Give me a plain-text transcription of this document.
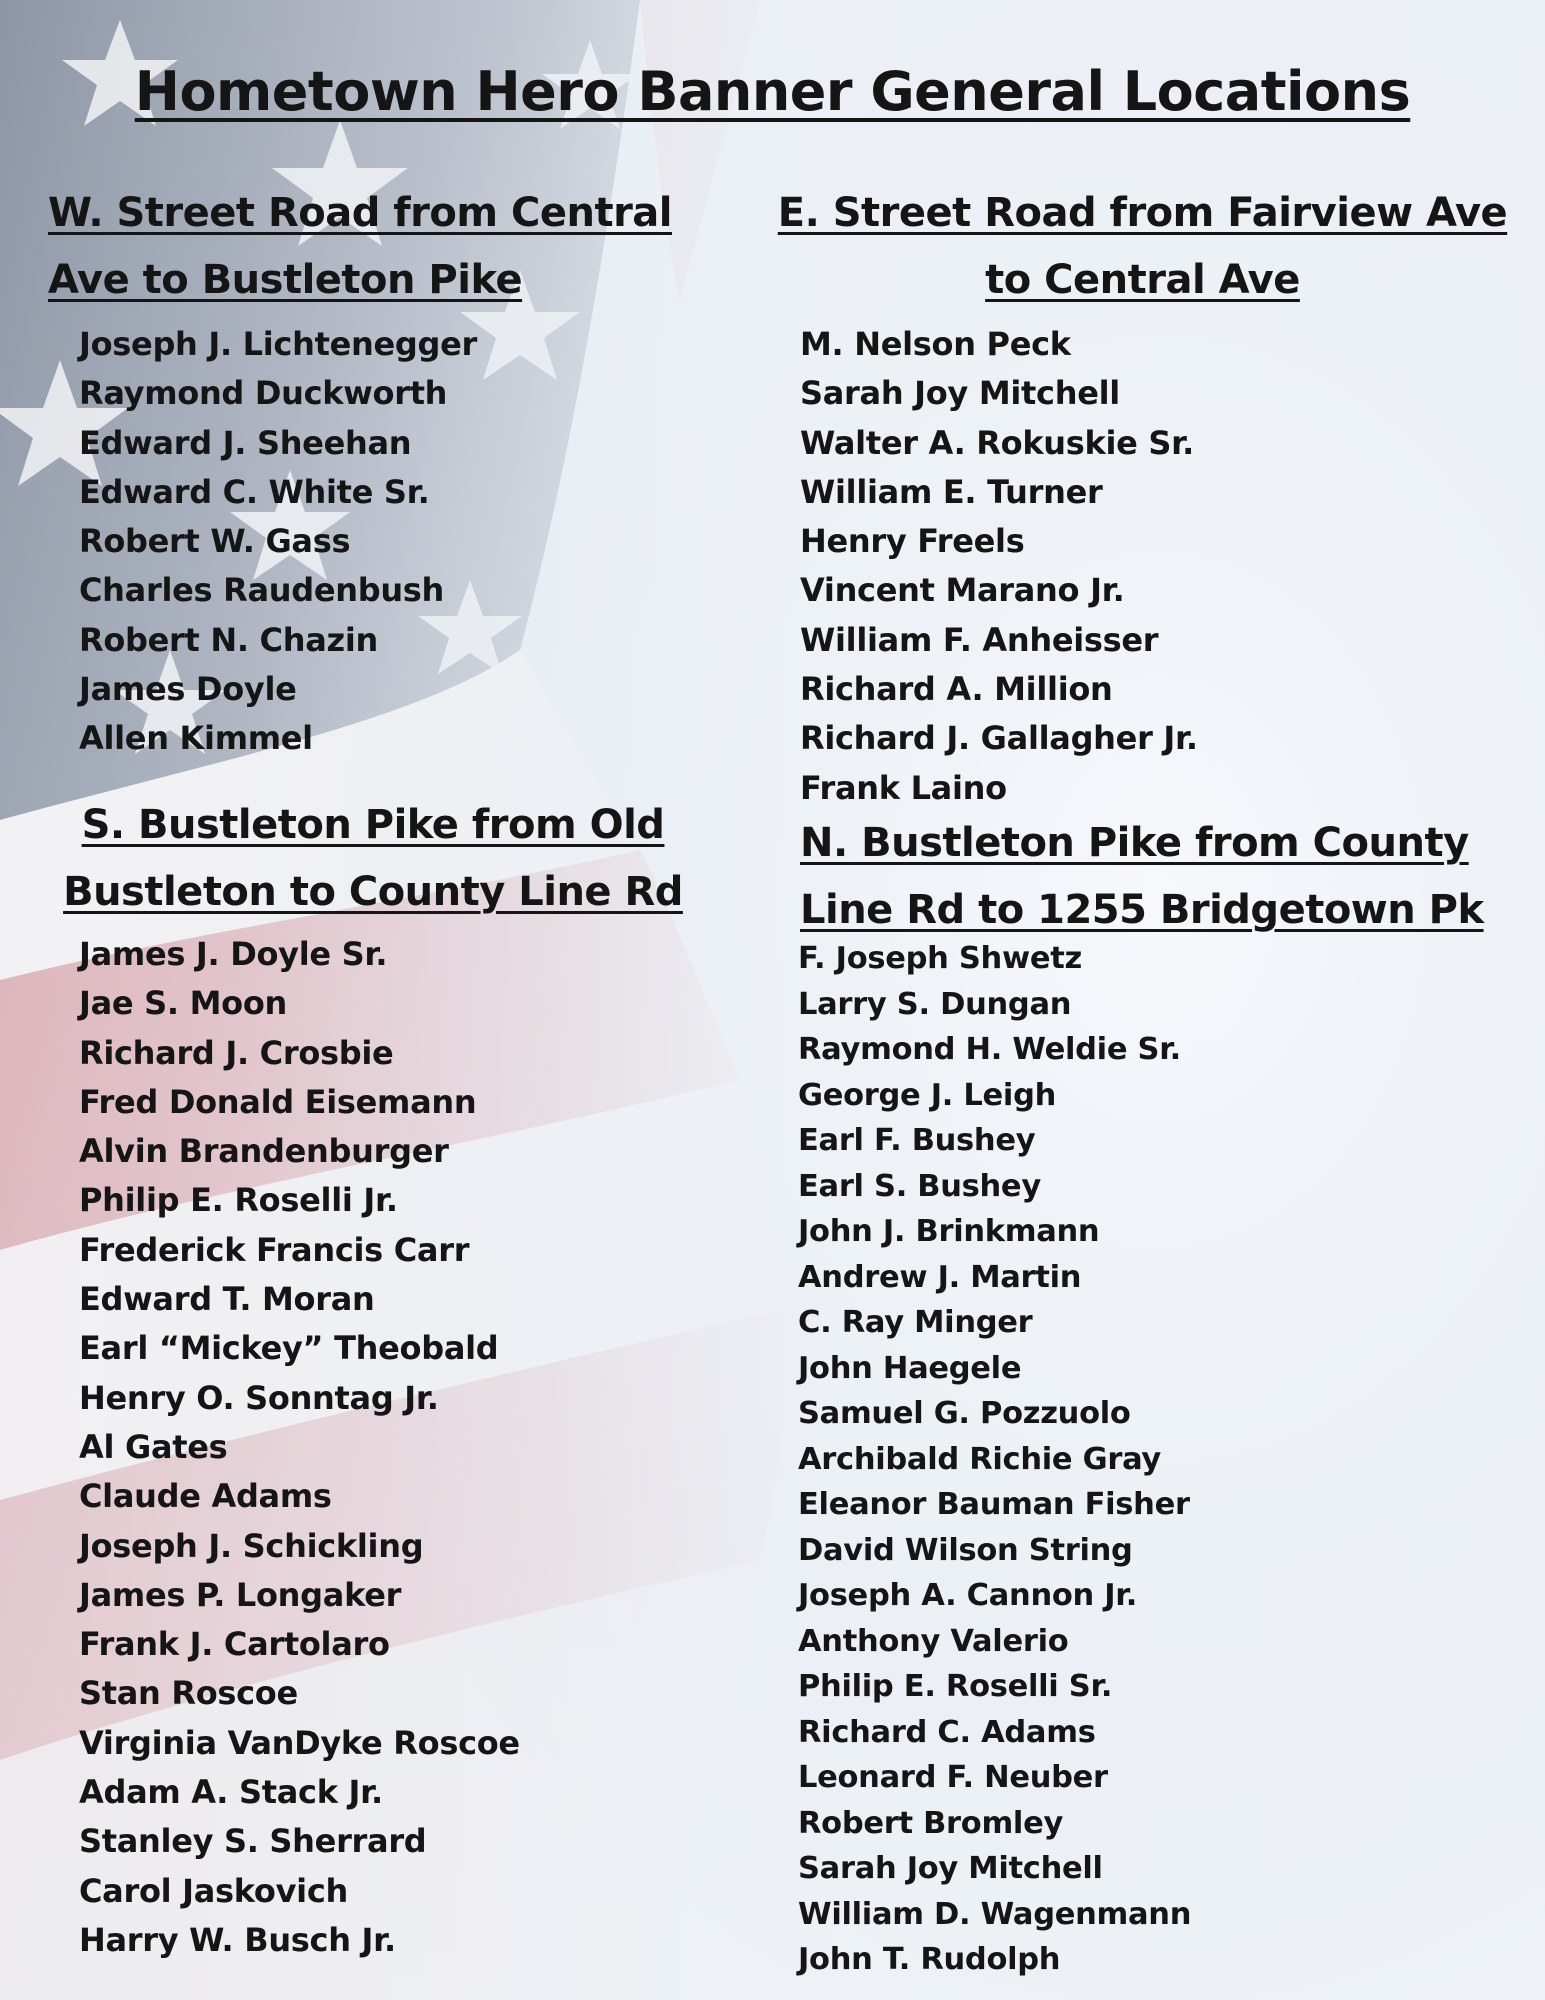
Hometown Hero Banner General Locations
W. Street Road from Central Ave to Bustleton Pike
Joseph J. Lichtenegger
Raymond Duckworth
Edward J. Sheehan
Edward C. White Sr.
Robert W. Gass
Charles Raudenbush
Robert N. Chazin
James Doyle
Allen Kimmel
E. Street Road from Fairview Ave to Central Ave
M. Nelson Peck
Sarah Joy Mitchell
Walter A. Rokuskie Sr.
William E. Turner
Henry Freels
Vincent Marano Jr.
William F. Anheisser
Richard A. Million
Richard J. Gallagher Jr.
Frank Laino
S. Bustleton Pike from Old Bustleton to County Line Rd
James J. Doyle Sr.
Jae S. Moon
Richard J. Crosbie
Fred Donald Eisemann
Alvin Brandenburger
Philip E. Roselli Jr.
Frederick Francis Carr
Edward T. Moran
Earl “Mickey” Theobald
Henry O. Sonntag Jr.
Al Gates
Claude Adams
Joseph J. Schickling
James P. Longaker
Frank J. Cartolaro
Stan Roscoe
Virginia VanDyke Roscoe
Adam A. Stack Jr.
Stanley S. Sherrard
Carol Jaskovich
Harry W. Busch Jr.
N. Bustleton Pike from County Line Rd to 1255 Bridgetown Pk
F. Joseph Shwetz
Larry S. Dungan
Raymond H. Weldie Sr.
George J. Leigh
Earl F. Bushey
Earl S. Bushey
John J. Brinkmann
Andrew J. Martin
C. Ray Minger
John Haegele
Samuel G. Pozzuolo
Archibald Richie Gray
Eleanor Bauman Fisher
David Wilson String
Joseph A. Cannon Jr.
Anthony Valerio
Philip E. Roselli Sr.
Richard C. Adams
Leonard F. Neuber
Robert Bromley
Sarah Joy Mitchell
William D. Wagenmann
John T. Rudolph
